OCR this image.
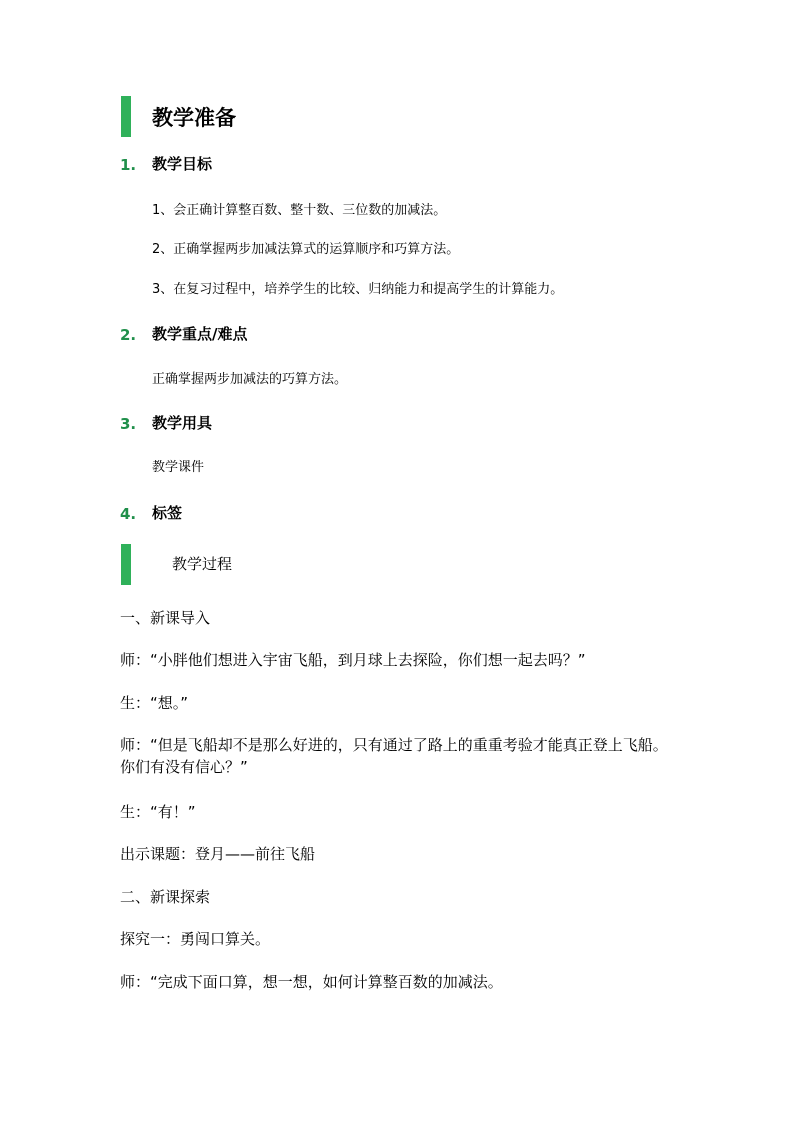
教学准备
1. 教学目标
1、会正确计算整百数、整十数、三位数的加减法。
2、正确掌握两步加减法算式的运算顺序和巧算方法。
3、在复习过程中，培养学生的比较、归纳能力和提高学生的计算能力。
2. 教学重点/难点
正确掌握两步加减法的巧算方法。
3. 教学用具
教学课件
4. 标签
教学过程
一、新课导入
师：“小胖他们想进入宇宙飞船，到月球上去探险，你们想一起去吗？”
生：“想。”
师：“但是飞船却不是那么好进的，只有通过了路上的重重考验才能真正登上飞船。你们有没有信心？”
生：“有！”
出示课题：登月——前往飞船
二、新课探索
探究一：勇闯口算关。
师：“完成下面口算，想一想，如何计算整百数的加减法。
